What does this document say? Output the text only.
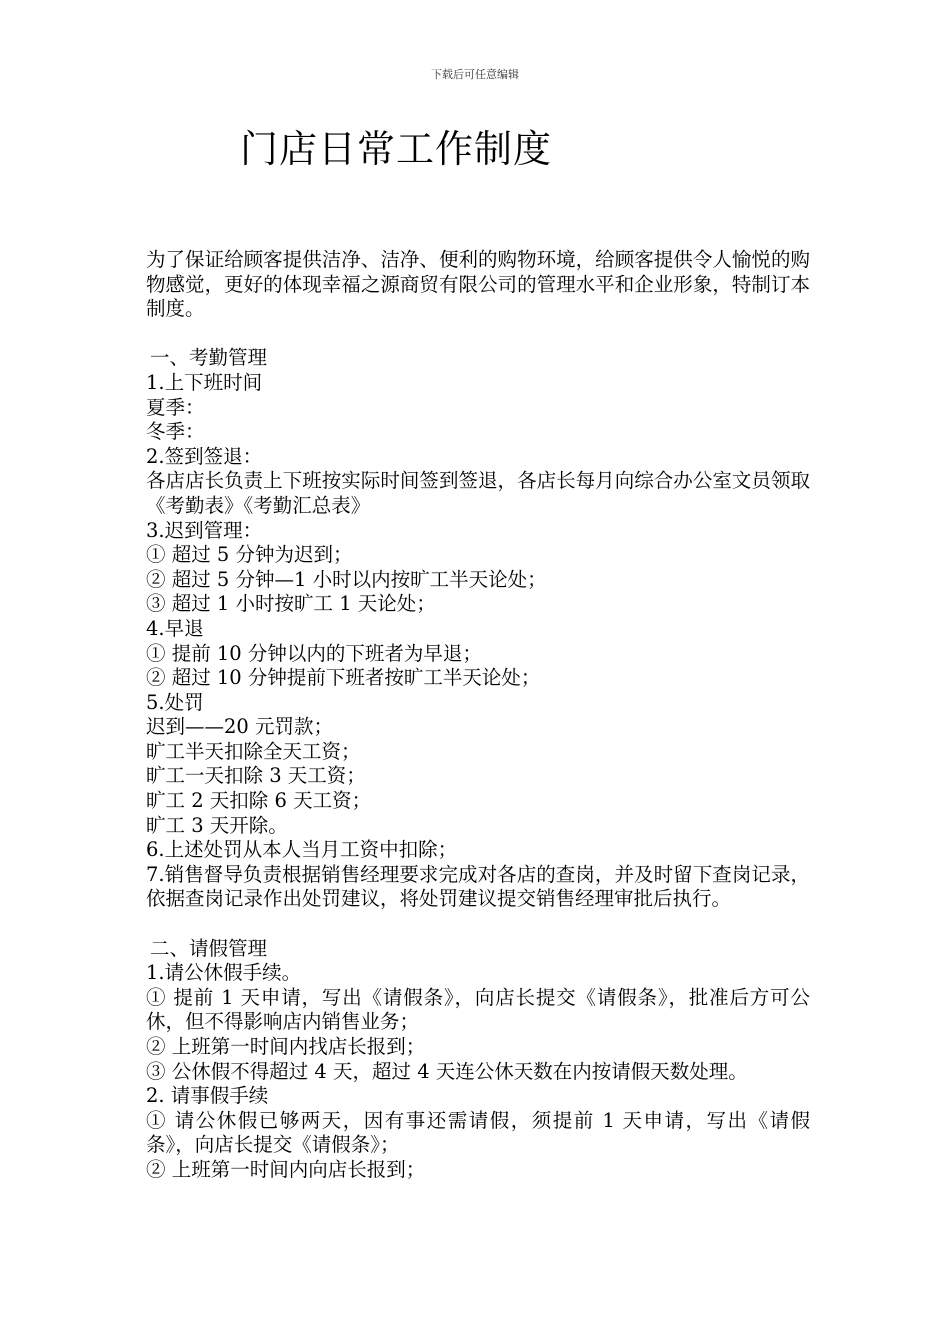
下载后可任意编辑
门店日常工作制度

为了保证给顾客提供洁净、洁净、便利的购物环境，给顾客提供令人愉悦的购物感觉，更好的体现幸福之源商贸有限公司的管理水平和企业形象，特制订本制度。

一、考勤管理

1.上下班时间

夏季：

冬季：

2.签到签退：

各店店长负责上下班按实际时间签到签退，各店长每月向综合办公室文员领取《考勤表》《考勤汇总表》

3.迟到管理：

① 超过 5 分钟为迟到；

② 超过 5 分钟—1 小时以内按旷工半天论处；

③ 超过 1 小时按旷工 1 天论处；

4.早退

① 提前 10 分钟以内的下班者为早退；

② 超过 10 分钟提前下班者按旷工半天论处；

5.处罚

迟到——20 元罚款；

旷工半天扣除全天工资；

旷工一天扣除 3 天工资；

旷工 2 天扣除 6 天工资；

旷工 3 天开除。

6.上述处罚从本人当月工资中扣除；

7.销售督导负责根据销售经理要求完成对各店的查岗，并及时留下查岗记录，依据查岗记录作出处罚建议，将处罚建议提交销售经理审批后执行。

二、请假管理

1.请公休假手续。

① 提前 1 天申请，写出《请假条》，向店长提交《请假条》，批准后方可公休，但不得影响店内销售业务；

② 上班第一时间内找店长报到；

③ 公休假不得超过 4 天，超过 4 天连公休天数在内按请假天数处理。

2. 请事假手续

① 请公休假已够两天，因有事还需请假，须提前 1 天申请，写出《请假条》，向店长提交《请假条》；

② 上班第一时间内向店长报到；
